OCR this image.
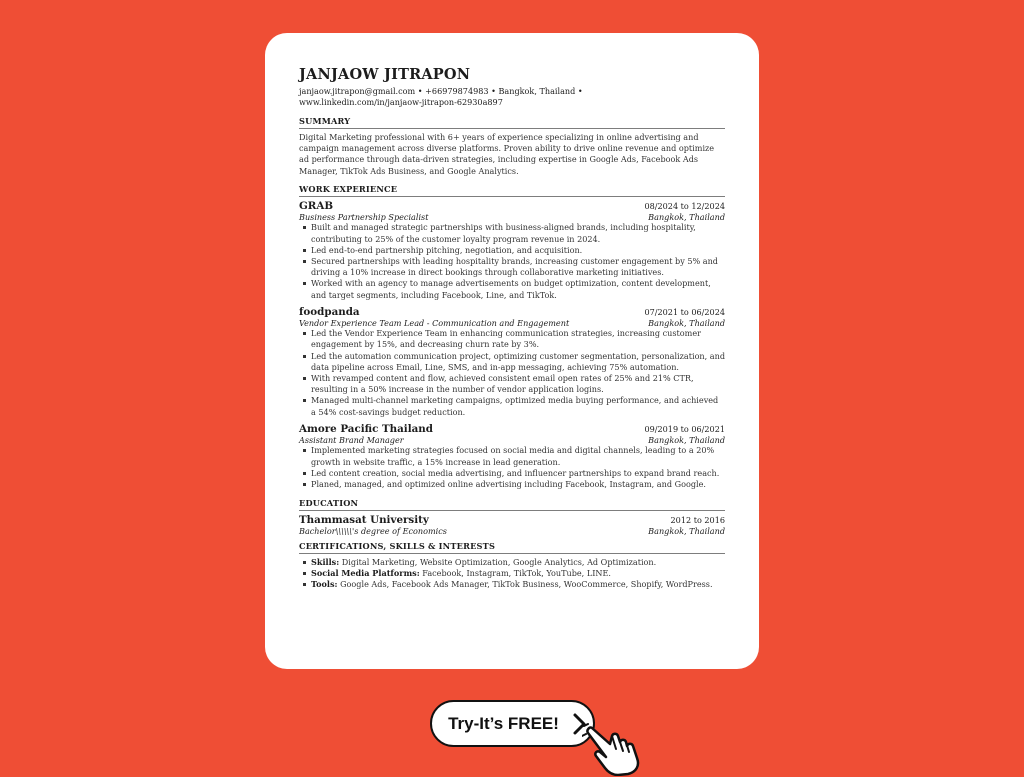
JANJAOW JITRAPON
janjaow.jitrapon@gmail.com • +66979874983 • Bangkok, Thailand •
www.linkedin.com/in/janjaow-jitrapon-62930a897
SUMMARY
Digital Marketing professional with 6+ years of experience specializing in online advertising and campaign management across diverse platforms. Proven ability to drive online revenue and optimize ad performance through data-driven strategies, including expertise in Google Ads, Facebook Ads Manager, TikTok Ads Business, and Google Analytics.
WORK EXPERIENCE
GRAB	08/2024 to 12/2024
Business Partnership Specialist	Bangkok, Thailand
Built and managed strategic partnerships with business-aligned brands, including hospitality, contributing to 25% of the customer loyalty program revenue in 2024.
Led end-to-end partnership pitching, negotiation, and acquisition.
Secured partnerships with leading hospitality brands, increasing customer engagement by 5% and driving a 10% increase in direct bookings through collaborative marketing initiatives.
Worked with an agency to manage advertisements on budget optimization, content development, and target segments, including Facebook, Line, and TikTok.
foodpanda	07/2021 to 06/2024
Vendor Experience Team Lead - Communication and Engagement	Bangkok, Thailand
Led the Vendor Experience Team in enhancing communication strategies, increasing customer engagement by 15%, and decreasing churn rate by 3%.
Led the automation communication project, optimizing customer segmentation, personalization, and data pipeline across Email, Line, SMS, and in-app messaging, achieving 75% automation.
With revamped content and flow, achieved consistent email open rates of 25% and 21% CTR, resulting in a 50% increase in the number of vendor application logins.
Managed multi-channel marketing campaigns, optimized media buying performance, and achieved a 54% cost-savings budget reduction.
Amore Pacific Thailand	09/2019 to 06/2021
Assistant Brand Manager	Bangkok, Thailand
Implemented marketing strategies focused on social media and digital channels, leading to a 20% growth in website traffic, a 15% increase in lead generation.
Led content creation, social media advertising, and influencer partnerships to expand brand reach.
Planed, managed, and optimized online advertising including Facebook, Instagram, and Google.
EDUCATION
Thammasat University	2012 to 2016
Bachelor\\\\\\'s degree of Economics	Bangkok, Thailand
CERTIFICATIONS, SKILLS & INTERESTS
Skills: Digital Marketing, Website Optimization, Google Analytics, Ad Optimization.
Social Media Platforms: Facebook, Instagram, TikTok, YouTube, LINE.
Tools: Google Ads, Facebook Ads Manager, TikTok Business, WooCommerce, Shopify, WordPress.
Try-It’s FREE!
